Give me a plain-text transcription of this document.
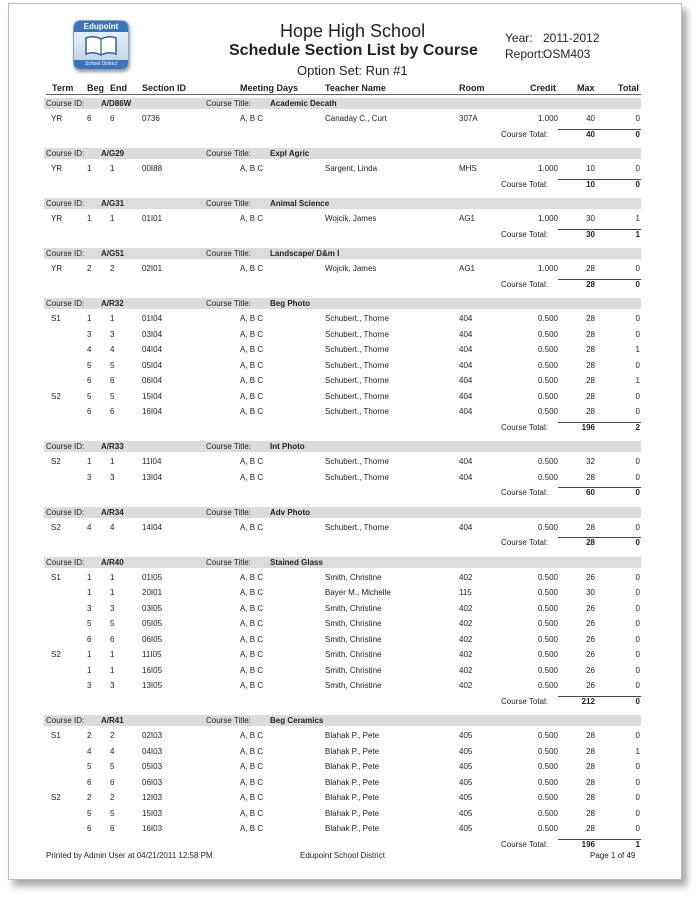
Edupoint
School District
Hope High School
Schedule Section List by Course
Option Set: Run #1
Year: 2011-2012
Report:
OSM403
Term Beg End Section ID	Meeting Days	Teacher Name	Room	Credit Max	Total
Course ID: A/D86W	Course Title: Academic Decath
YR	6 6	0736	A, B C	Canaday C., Curt	307A	1.000	40	0
Course Total:	40	0
Course ID: A/G29	Course Title: Expl Agric
YR	1 1	00I88	A, B C	Sargent, Linda	MHS	1.000	10	0
Course Total:	10	0
Course ID: A/G31	Course Title: Animal Science
YR	1 1	01I01	A, B C	Wojcik, James	AG1	1.000	30	1
Course Total:	30	1
Course ID: A/G51	Course Title: Landscape/ D&m I
YR	2 2	02I01	A, B C	Wojcik, James	AG1	1.000	28	0
Course Total:	28	0
Course ID: A/R32	Course Title: Beg Photo
S1	1 1	01I04	A, B C	Schubert., Thorne	404	0.500	28	0
3 3	03I04	A, B C	Schubert., Thorne	404	0.500	28	0
4 4	04I04	A, B C	Schubert., Thorne	404	0.500	28	1
5 5	05I04	A, B C	Schubert., Thorne	404	0.500	28	0
6 6	06I04	A, B C	Schubert., Thorne	404	0.500	28	1
S2	5 5	15I04	A, B C	Schubert., Thorne	404	0.500	28	0
6 6	16I04	A, B C	Schubert., Thorne	404	0.500	28	0
Course Total:	196	2
Course ID: A/R33	Course Title: Int Photo
S2	1 1	11I04	A, B C	Schubert., Thorne	404	0.500	32	0
3 3	13I04	A, B C	Schubert., Thorne	404	0.500	28	0
Course Total:	60	0
Course ID: A/R34	Course Title: Adv Photo
S2	4 4	14I04	A, B C	Schubert., Thorne	404	0.500	28	0
Course Total:	28	0
Course ID: A/R40	Course Title: Stained Glass
S1	1 1	01I05	A, B C	Smith, Christine	402	0.500	26	0
1 1	20I01	A, B C	Bayer M., Michelle	115	0.500	30	0
3 3	03I05	A, B C	Smith, Christine	402	0.500	26	0
5 5	05I05	A, B C	Smith, Christine	402	0.500	26	0
6 6	06I05	A, B C	Smith, Christine	402	0.500	26	0
S2	1 1	11I05	A, B C	Smith, Christine	402	0.500	26	0
1 1	16I05	A, B C	Smith, Christine	402	0.500	26	0
3 3	13I05	A, B C	Smith, Christine	402	0.500	26	0
Course Total:	212	0
Course ID: A/R41	Course Title: Beg Ceramics
S1	2 2	02I03	A, B C	Blahak P., Pete	405	0.500	28	0
4 4	04I03	A, B C	Blahak P., Pete	405	0.500	28	1
5 5	05I03	A, B C	Blahak P., Pete	405	0.500	28	0
6 6	06I03	A, B C	Blahak P., Pete	405	0.500	28	0
S2	2 2	12I03	A, B C	Blahak P., Pete	405	0.500	28	0
5 5	15I03	A, B C	Blahak P., Pete	405	0.500	28	0
6 6	16I03	A, B C	Blahak P., Pete	405	0.500	28	0
Course Total:	196	1
Printed by Admin User at 04/21/2011 12:58 PM	Edupoint School District	Page 1 of 49
